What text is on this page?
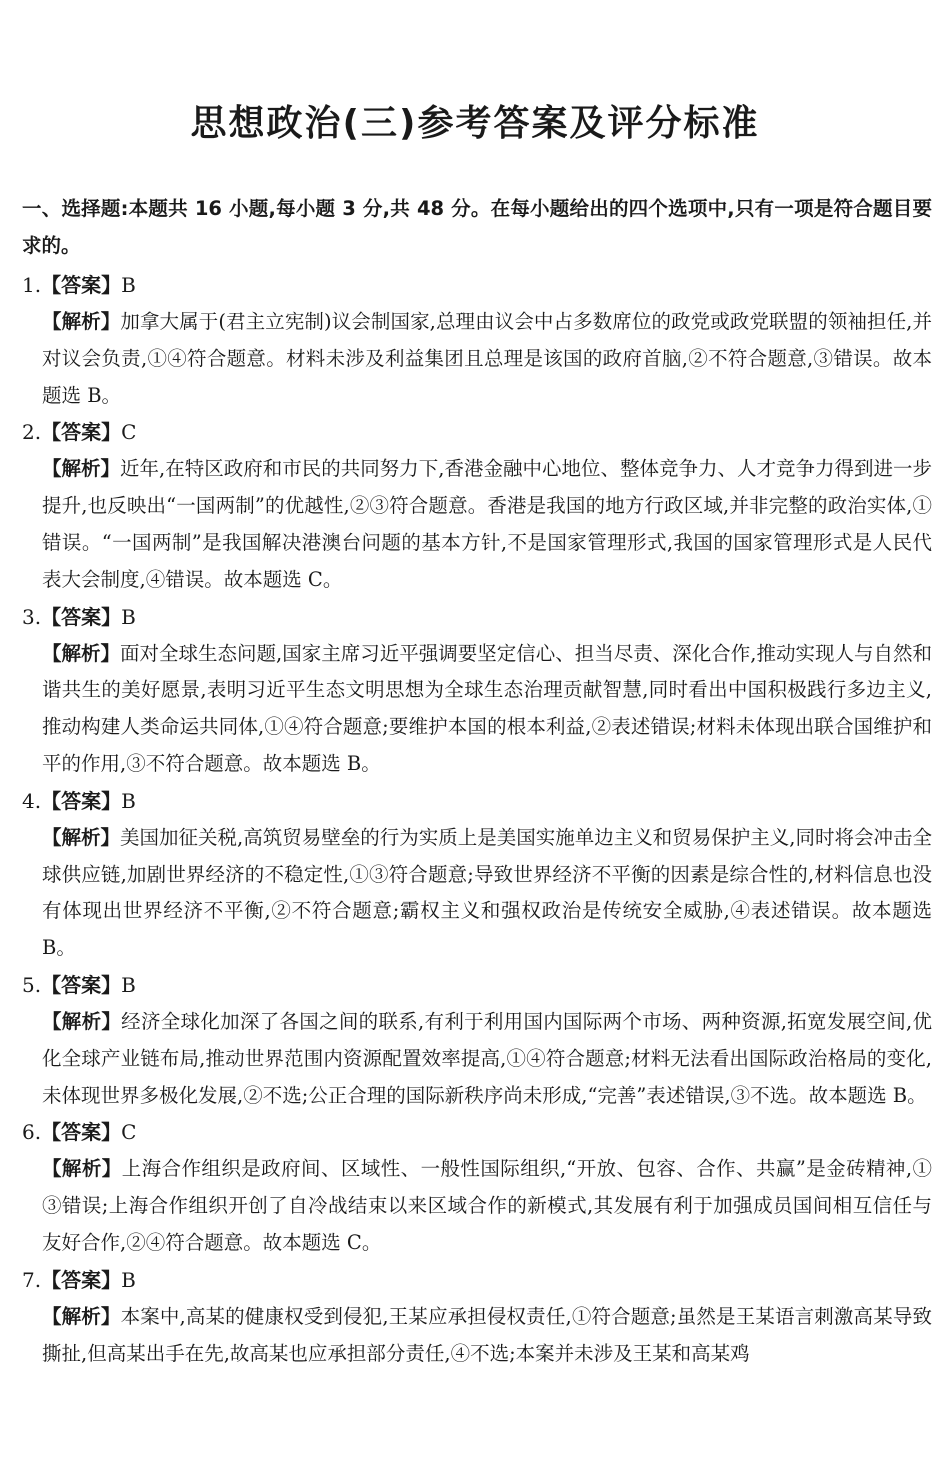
思想政治(三)参考答案及评分标准
一、选择题:本题共 16 小题,每小题 3 分,共 48 分。在每小题给出的四个选项中,只有一项是符合题目要求的。
1.【答案】B
【解析】加拿大属于(君主立宪制)议会制国家,总理由议会中占多数席位的政党或政党联盟的领袖担任,并对议会负责,①④符合题意。材料未涉及利益集团且总理是该国的政府首脑,②不符合题意,③错误。故本题选 B。
2.【答案】C
【解析】近年,在特区政府和市民的共同努力下,香港金融中心地位、整体竞争力、人才竞争力得到进一步提升,也反映出“一国两制”的优越性,②③符合题意。香港是我国的地方行政区域,并非完整的政治实体,①错误。“一国两制”是我国解决港澳台问题的基本方针,不是国家管理形式,我国的国家管理形式是人民代表大会制度,④错误。故本题选 C。
3.【答案】B
【解析】面对全球生态问题,国家主席习近平强调要坚定信心、担当尽责、深化合作,推动实现人与自然和谐共生的美好愿景,表明习近平生态文明思想为全球生态治理贡献智慧,同时看出中国积极践行多边主义,推动构建人类命运共同体,①④符合题意;要维护本国的根本利益,②表述错误;材料未体现出联合国维护和平的作用,③不符合题意。故本题选 B。
4.【答案】B
【解析】美国加征关税,高筑贸易壁垒的行为实质上是美国实施单边主义和贸易保护主义,同时将会冲击全球供应链,加剧世界经济的不稳定性,①③符合题意;导致世界经济不平衡的因素是综合性的,材料信息也没有体现出世界经济不平衡,②不符合题意;霸权主义和强权政治是传统安全威胁,④表述错误。故本题选 B。
5.【答案】B
【解析】经济全球化加深了各国之间的联系,有利于利用国内国际两个市场、两种资源,拓宽发展空间,优化全球产业链布局,推动世界范围内资源配置效率提高,①④符合题意;材料无法看出国际政治格局的变化,未体现世界多极化发展,②不选;公正合理的国际新秩序尚未形成,“完善”表述错误,③不选。故本题选 B。
6.【答案】C
【解析】上海合作组织是政府间、区域性、一般性国际组织,“开放、包容、合作、共赢”是金砖精神,①③错误;上海合作组织开创了自冷战结束以来区域合作的新模式,其发展有利于加强成员国间相互信任与友好合作,②④符合题意。故本题选 C。
7.【答案】B
【解析】本案中,高某的健康权受到侵犯,王某应承担侵权责任,①符合题意;虽然是王某语言刺激高某导致撕扯,但高某出手在先,故高某也应承担部分责任,④不选;本案并未涉及王某和高某鸡
